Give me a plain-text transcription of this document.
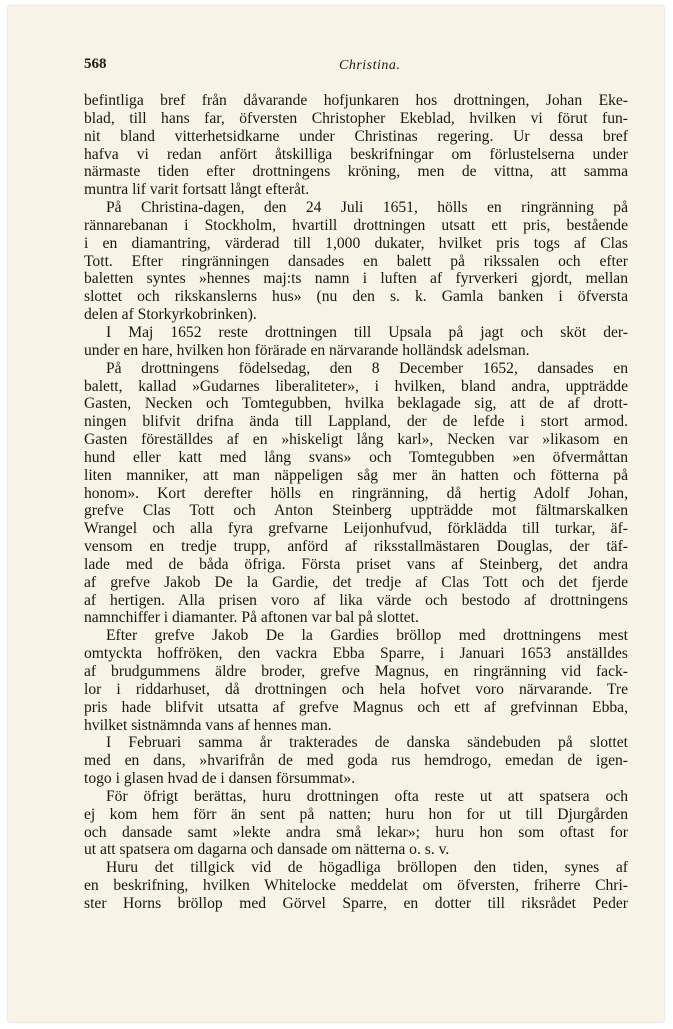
568	Christina.
befintliga bref från dåvarande hofjunkaren hos drottningen, Johan Eke-
blad, till hans far, öfversten Christopher Ekeblad, hvilken vi förut fun-
nit bland vitterhetsidkarne under Christinas regering. Ur dessa bref
hafva vi redan anfört åtskilliga beskrifningar om förlustelserna under
närmaste tiden efter drottningens kröning, men de vittna, att samma
muntra lif varit fortsatt långt efteråt.
På Christina-dagen, den 24 Juli 1651, hölls en ringränning på
rännarebanan i Stockholm, hvartill drottningen utsatt ett pris, bestående
i en diamantring, värderad till 1,000 dukater, hvilket pris togs af Clas
Tott. Efter ringränningen dansades en balett på rikssalen och efter
baletten syntes »hennes maj:ts namn i luften af fyrverkeri gjordt, mellan
slottet och rikskanslerns hus» (nu den s. k. Gamla banken i öfversta
delen af Storkyrkobrinken).
I Maj 1652 reste drottningen till Upsala på jagt och sköt der-
under en hare, hvilken hon förärade en närvarande holländsk adelsman.
På drottningens födelsedag, den 8 December 1652, dansades en
balett, kallad »Gudarnes liberaliteter», i hvilken, bland andra, uppträdde
Gasten, Necken och Tomtegubben, hvilka beklagade sig, att de af drott-
ningen blifvit drifna ända till Lappland, der de lefde i stort armod.
Gasten föreställdes af en »hiskeligt lång karl», Necken var »likasom en
hund eller katt med lång svans» och Tomtegubben »en öfvermåttan
liten manniker, att man näppeligen såg mer än hatten och fötterna på
honom». Kort derefter hölls en ringränning, då hertig Adolf Johan,
grefve Clas Tott och Anton Steinberg uppträdde mot fältmarskalken
Wrangel och alla fyra grefvarne Leijonhufvud, förklädda till turkar, äf-
vensom en tredje trupp, anförd af riksstallmästaren Douglas, der täf-
lade med de båda öfriga. Första priset vans af Steinberg, det andra
af grefve Jakob De la Gardie, det tredje af Clas Tott och det fjerde
af hertigen. Alla prisen voro af lika värde och bestodo af drottningens
namnchiffer i diamanter. På aftonen var bal på slottet.
Efter grefve Jakob De la Gardies bröllop med drottningens mest
omtyckta hoffröken, den vackra Ebba Sparre, i Januari 1653 anställdes
af brudgummens äldre broder, grefve Magnus, en ringränning vid fack-
lor i riddarhuset, då drottningen och hela hofvet voro närvarande. Tre
pris hade blifvit utsatta af grefve Magnus och ett af grefvinnan Ebba,
hvilket sistnämnda vans af hennes man.
I Februari samma år trakterades de danska sändebuden på slottet
med en dans, »hvarifrån de med goda rus hemdrogo, emedan de igen-
togo i glasen hvad de i dansen försummat».
För öfrigt berättas, huru drottningen ofta reste ut att spatsera och
ej kom hem förr än sent på natten; huru hon for ut till Djurgården
och dansade samt »lekte andra små lekar»; huru hon som oftast for
ut att spatsera om dagarna och dansade om nätterna o. s. v.
Huru det tillgick vid de högadliga bröllopen den tiden, synes af
en beskrifning, hvilken Whitelocke meddelat om öfversten, friherre Chri-
ster Horns bröllop med Görvel Sparre, en dotter till riksrådet Peder
